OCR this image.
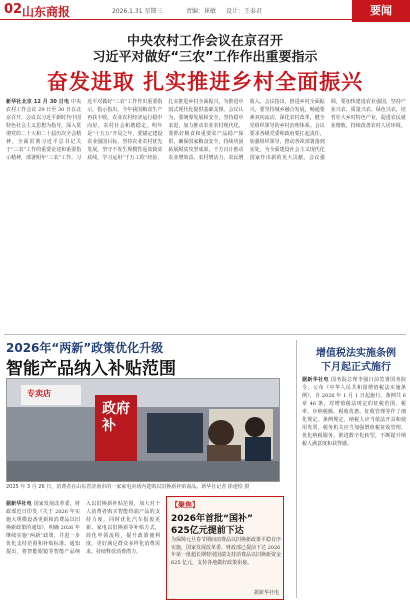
02 山东商报	2026.1.31 星期三	责编：崔敏 设计：王泰君	要闻
中央农村工作会议在京召开
习近平对做好“三农”工作作出重要指示
奋发进取 扎实推进乡村全面振兴
新华社北京 12 月 30 日电 中央农村工作会议 29 日至 30 日在北京召开。会议以习近平新时代中国特色社会主义思想为指导，深入贯彻党的二十大和二十届历次全会精神，全面贯彻习近平总书记关于“三农”工作的重要论述和重要指示精神，部署明年“三农”工作。习近平对做好“三农”工作作出重要指示。指示指出，今年我国粮食生产再获丰收，农业农村经济运行稳中向好，农村社会和谐稳定。明年是“十五五”开局之年，要锚定建设农业强国目标，坚持农业农村优先发展，坚守不发生规模性返贫致贫底线，学习运用“千万工程”经验，扎实推进乡村全面振兴，为推进中国式现代化提供基础支撑。会议认为，要统筹发展和安全，坚持稳中求进，加力推动农业农村现代化。要抓好粮食和重要农产品稳产保供，确保国家粮食安全，持续巩固拓展脱贫攻坚成果，千方百计推动农业增效益、农村增活力、农民增收入。会议指出，推进乡村全面振兴，要坚持城乡融合发展，畅通要素双向流动，深化农村改革，健全党组织领导的乡村治理体系。会议要求各级党委和政府要扛起责任，加强组织领导，推动各项部署落到实处，为全面建设社会主义现代化国家作出新的更大贡献。会议强调，要加快建设农业强国，坚持产业兴农、质量兴农、绿色兴农，培育壮大乡村特色产业，促进农民就业增收，持续改善农村人居环境。
2026年“两新”政策优化升级
智能产品纳入补贴范围
专卖店
政府补
2025 年 3 月 26 日，消费者在山东省济南市的一家家电卖场内选购以旧换新补贴商品。新华社记者 徐速绘 摄
据新华社电 国家发展改革委、财政部近日印发《关于 2026 年实施大规模设备更新和消费品以旧换新政策的通知》，明确 2026 年继续实施“两新”政策，并进一步优化支持范围和补贴标准。通知提出，将智能眼镜等智能产品纳入以旧换新补贴范围，加大对个人消费者购买智能终端产品的支持力度，同时优化汽车报废更新、家电以旧换新等补贴方式，简化申领流程，提升政策便利度，更好满足群众多样化消费需求，持续释放消费潜力。
【聚焦】
2026年首批“国补”
625亿元提前下达
为保障元旦春节期间消费品以旧换新政策平稳有序实施，国家发展改革委、财政部已提前下达 2026 年第一批超长期特别国债支持消费品以旧换新资金 625 亿元，支持各地做好政策衔接。
据新华社电
增值税法实施条例
下月起正式施行
据新华社电 国务院总理李强日前签署国务院令，公布《中华人民共和国增值税法实施条例》，自 2026 年 1 月 1 日起施行。条例共 6 章 46 条，对增值税法规定的征税范围、税率、应纳税额、税收优惠、征收管理等作了细化规定。条例规定，纳税人应当依法开具和使用发票，税务机关应当加强增值税征收管理，优化纳税服务，推进数字化转型，不断提升纳税人满意度和获得感。
